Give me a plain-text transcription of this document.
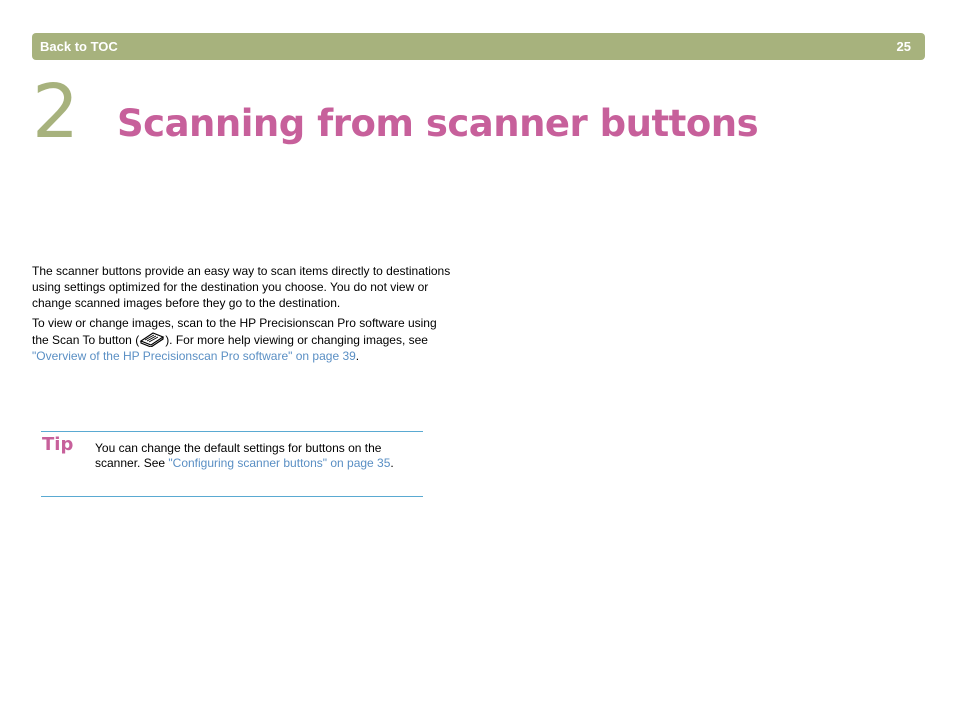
Back to TOC	25
2 Scanning from scanner buttons

The scanner buttons provide an easy way to scan items directly to destinations using settings optimized for the destination you choose. You do not view or change scanned images before they go to the destination.

To view or change images, scan to the HP Precisionscan Pro software using the Scan To button ( ). For more help viewing or changing images, see "Overview of the HP Precisionscan Pro software" on page 39.

Tip You can change the default settings for buttons on the scanner. See "Configuring scanner buttons" on page 35.
